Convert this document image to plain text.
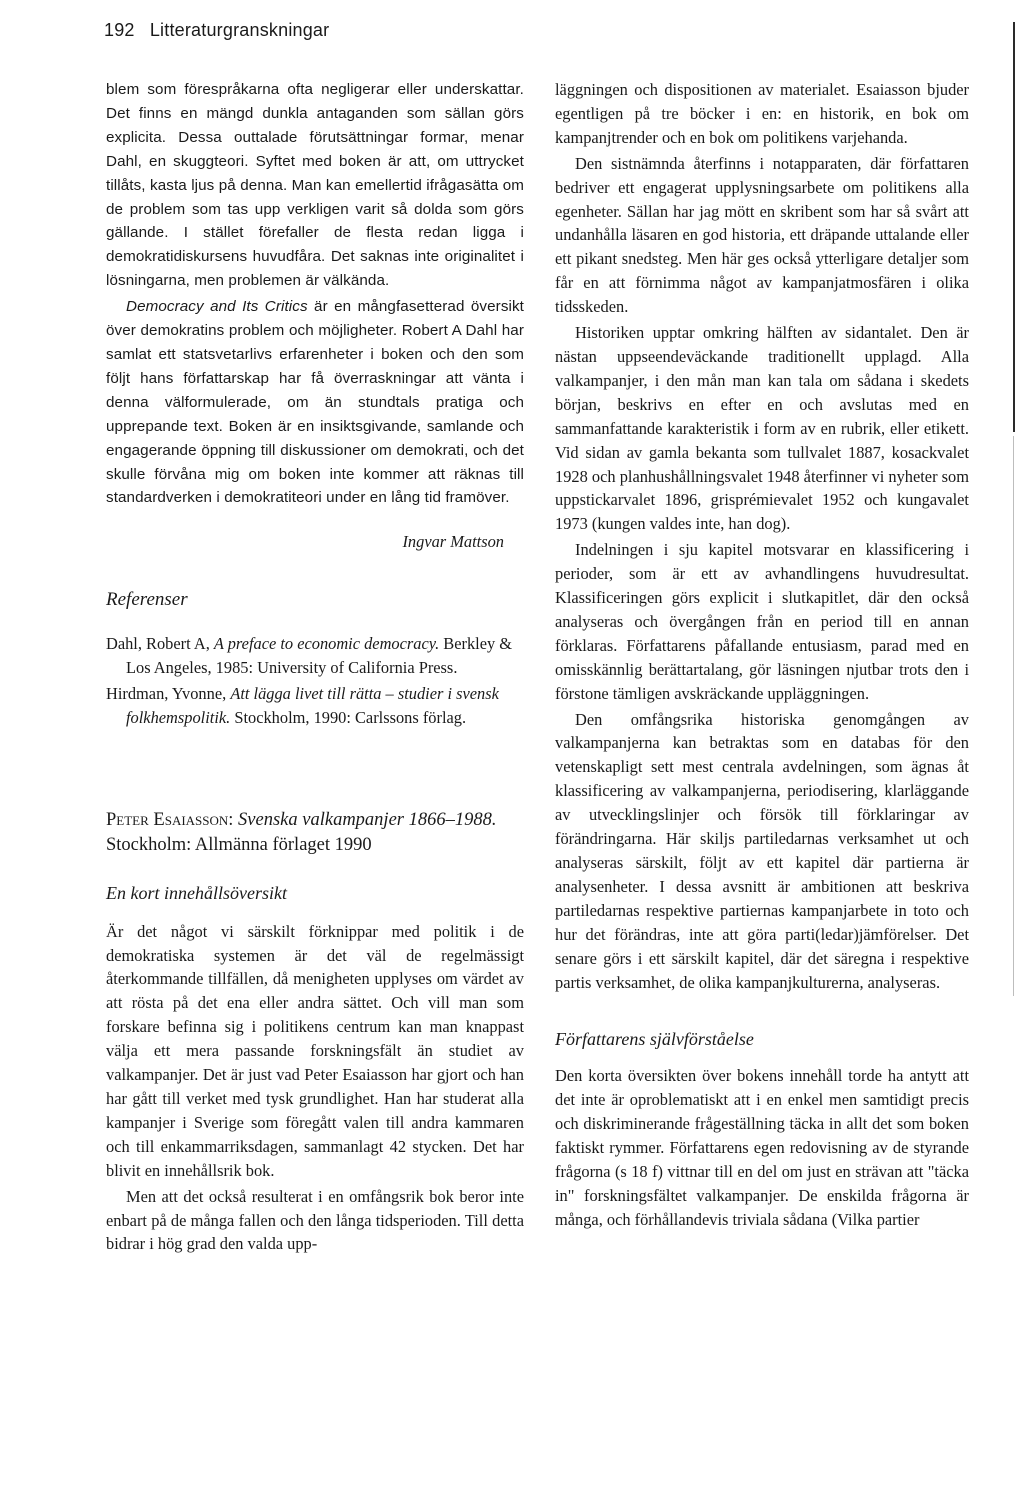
192 Litteraturgranskningar

blem som förespråkarna ofta negligerar eller underskattar. Det finns en mängd dunkla antaganden som sällan görs explicita. Dessa outtalade förutsättningar formar, menar Dahl, en skuggteori. Syftet med boken är att, om uttrycket tillåts, kasta ljus på denna. Man kan emellertid ifrågasätta om de problem som tas upp verkligen varit så dolda som görs gällande. I stället förefaller de flesta redan ligga i demokratidiskursens huvudfåra. Det saknas inte originalitet i lösningarna, men problemen är välkända.

Democracy and Its Critics är en mångfasetterad översikt över demokratins problem och möjligheter. Robert A Dahl har samlat ett statsvetarlivs erfarenheter i boken och den som följt hans författarskap har få överraskningar att vänta i denna välformulerade, om än stundtals pratiga och upprepande text. Boken är en insiktsgivande, samlande och engagerande öppning till diskussioner om demokrati, och det skulle förvåna mig om boken inte kommer att räknas till standardverken i demokratiteori under en lång tid framöver.

Ingvar Mattson
Referenser

Dahl, Robert A, A preface to economic democracy. Berkley & Los Angeles, 1985: University of California Press.

Hirdman, Yvonne, Att lägga livet till rätta – studier i svensk folkhemspolitik. Stockholm, 1990: Carlssons förlag.

Peter Esaiasson: Svenska valkampanjer 1866–1988. Stockholm: Allmänna förlaget 1990
En kort innehållsöversikt

Är det något vi särskilt förknippar med politik i de demokratiska systemen är det väl de regelmässigt återkommande tillfällen, då menigheten upplyses om värdet av att rösta på det ena eller andra sättet. Och vill man som forskare befinna sig i politikens centrum kan man knappast välja ett mera passande forskningsfält än studiet av valkampanjer. Det är just vad Peter Esaiasson har gjort och han har gått till verket med tysk grundlighet. Han har studerat alla kampanjer i Sverige som föregått valen till andra kammaren och till enkammarriksdagen, sammanlagt 42 stycken. Det har blivit en innehållsrik bok.

Men att det också resulterat i en omfångsrik bok beror inte enbart på de många fallen och den långa tidsperioden. Till detta bidrar i hög grad den valda upp-

läggningen och dispositionen av materialet. Esaiasson bjuder egentligen på tre böcker i en: en historik, en bok om kampanjtrender och en bok om politikens varjehanda.

Den sistnämnda återfinns i notapparaten, där författaren bedriver ett engagerat upplysningsarbete om politikens alla egenheter. Sällan har jag mött en skribent som har så svårt att undanhålla läsaren en god historia, ett dräpande uttalande eller ett pikant snedsteg. Men här ges också ytterligare detaljer som får en att förnimma något av kampanjatmosfären i olika tidsskeden.

Historiken upptar omkring hälften av sidantalet. Den är nästan uppseendeväckande traditionellt upplagd. Alla valkampanjer, i den mån man kan tala om sådana i skedets början, beskrivs en efter en och avslutas med en sammanfattande karakteristik i form av en rubrik, eller etikett. Vid sidan av gamla bekanta som tullvalet 1887, kosackvalet 1928 och planhushållningsvalet 1948 återfinner vi nyheter som uppstickarvalet 1896, grisprémievalet 1952 och kungavalet 1973 (kungen valdes inte, han dog).

Indelningen i sju kapitel motsvarar en klassificering i perioder, som är ett av avhandlingens huvudresultat. Klassificeringen görs explicit i slutkapitlet, där den också analyseras och övergången från en period till en annan förklaras. Författarens påfallande entusiasm, parad med en omisskännlig berättartalang, gör läsningen njutbar trots den i förstone tämligen avskräckande uppläggningen.

Den omfångsrika historiska genomgången av valkampanjerna kan betraktas som en databas för den vetenskapligt sett mest centrala avdelningen, som ägnas åt klassificering av valkampanjerna, periodisering, klarläggande av utvecklingslinjer och försök till förklaringar av förändringarna. Här skiljs partiledarnas verksamhet ut och analyseras särskilt, följt av ett kapitel där partierna är analysenheter. I dessa avsnitt är ambitionen att beskriva partiledarnas respektive partiernas kampanjarbete in toto och hur det förändras, inte att göra parti(ledar)jämförelser. Det senare görs i ett särskilt kapitel, där det säregna i respektive partis verksamhet, de olika kampanjkulturerna, analyseras.

Författarens självförståelse

Den korta översikten över bokens innehåll torde ha antytt att det inte är oproblematiskt att i en enkel men samtidigt precis och diskriminerande frågeställning täcka in allt det som boken faktiskt rymmer. Författarens egen redovisning av de styrande frågorna (s 18 f) vittnar till en del om just en strävan att "täcka in" forskningsfältet valkampanjer. De enskilda frågorna är många, och förhållandevis triviala sådana (Vilka partier
